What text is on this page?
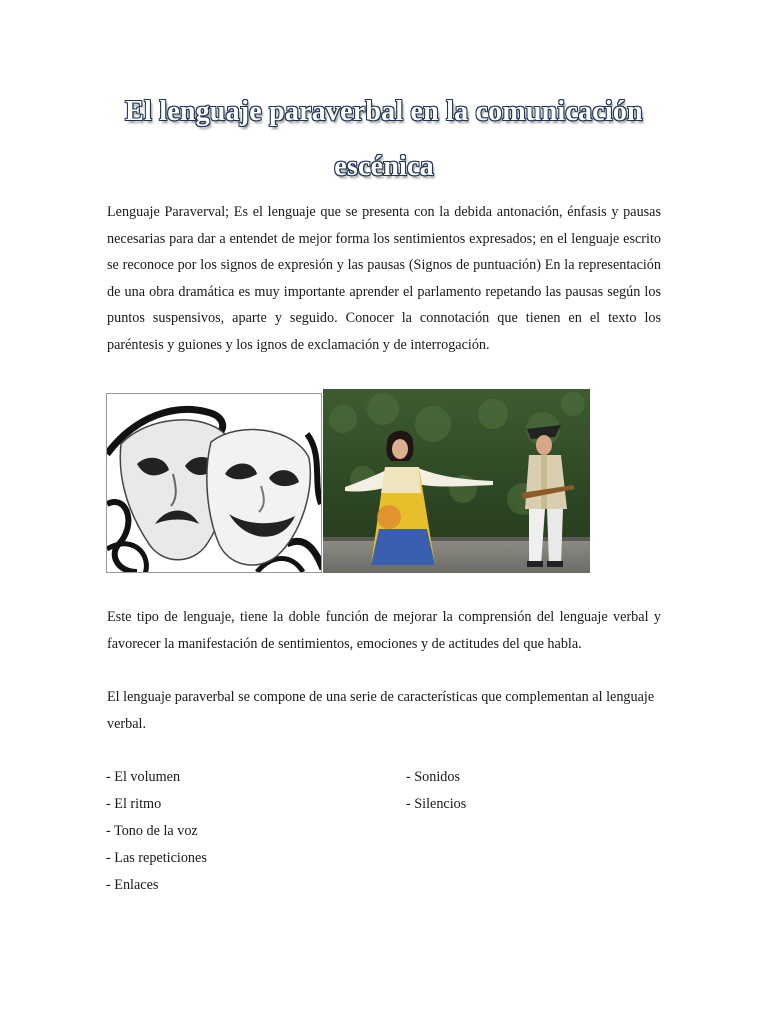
El lenguaje paraverbal en la comunicación
escénica

Lenguaje Paraverval; Es el lenguaje que se presenta con la debida antonación, énfasis y pausas necesarias para dar a entendet de mejor forma los sentimientos expresados; en el lenguaje escrito se reconoce por los signos de expresión y las pausas (Signos de puntuación) En la representación de una obra dramática es muy importante aprender el parlamento repetando las pausas según los puntos suspensivos, aparte y seguido. Conocer la connotación que tienen en el texto los paréntesis y guiones y los ignos de exclamación y de interrogación.

Este tipo de lenguaje, tiene la doble función de mejorar la comprensión del lenguaje verbal y favorecer la manifestación de sentimientos, emociones y de actitudes del que habla.

El lenguaje paraverbal se compone de una serie de características que complementan al lenguaje verbal.

- El volumen
- El ritmo
- Tono de la voz
- Las repeticiones
- Enlaces
- Sonidos
- Silencios
